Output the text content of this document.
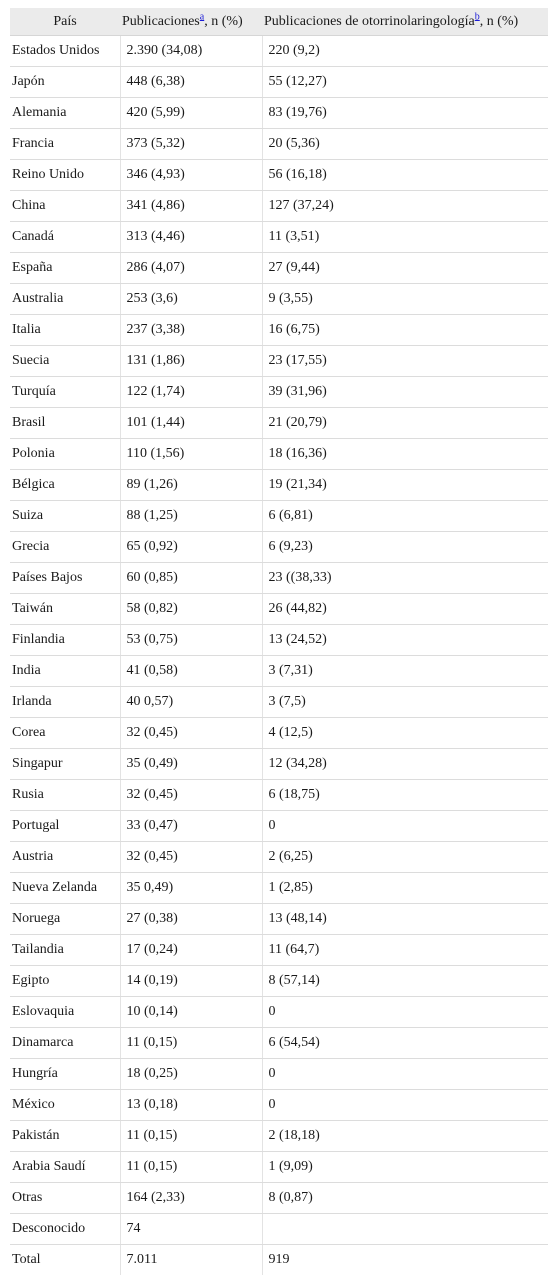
País	Publicaciones$^a$, n (%)	Publicaciones de otorrinolaringología$^b$, n (%)
Estados Unidos	2.390 (34,08)	220 (9,2)
Japón	448 (6,38)	55 (12,27)
Alemania	420 (5,99)	83 (19,76)
Francia	373 (5,32)	20 (5,36)
Reino Unido	346 (4,93)	56 (16,18)
China	341 (4,86)	127 (37,24)
Canadá	313 (4,46)	11 (3,51)
España	286 (4,07)	27 (9,44)
Australia	253 (3,6)	9 (3,55)
Italia	237 (3,38)	16 (6,75)
Suecia	131 (1,86)	23 (17,55)
Turquía	122 (1,74)	39 (31,96)
Brasil	101 (1,44)	21 (20,79)
Polonia	110 (1,56)	18 (16,36)
Bélgica	89 (1,26)	19 (21,34)
Suiza	88 (1,25)	6 (6,81)
Grecia	65 (0,92)	6 (9,23)
Países Bajos	60 (0,85)	23 ((38,33)
Taiwán	58 (0,82)	26 (44,82)
Finlandia	53 (0,75)	13 (24,52)
India	41 (0,58)	3 (7,31)
Irlanda	40 0,57)	3 (7,5)
Corea	32 (0,45)	4 (12,5)
Singapur	35 (0,49)	12 (34,28)
Rusia	32 (0,45)	6 (18,75)
Portugal	33 (0,47)	0
Austria	32 (0,45)	2 (6,25)
Nueva Zelanda	35 0,49)	1 (2,85)
Noruega	27 (0,38)	13 (48,14)
Tailandia	17 (0,24)	11 (64,7)
Egipto	14 (0,19)	8 (57,14)
Eslovaquia	10 (0,14)	0
Dinamarca	11 (0,15)	6 (54,54)
Hungría	18 (0,25)	0
México	13 (0,18)	0
Pakistán	11 (0,15)	2 (18,18)
Arabia Saudí	11 (0,15)	1 (9,09)
Otras	164 (2,33)	8 (0,87)
Desconocido	74	
Total	7.011	919
